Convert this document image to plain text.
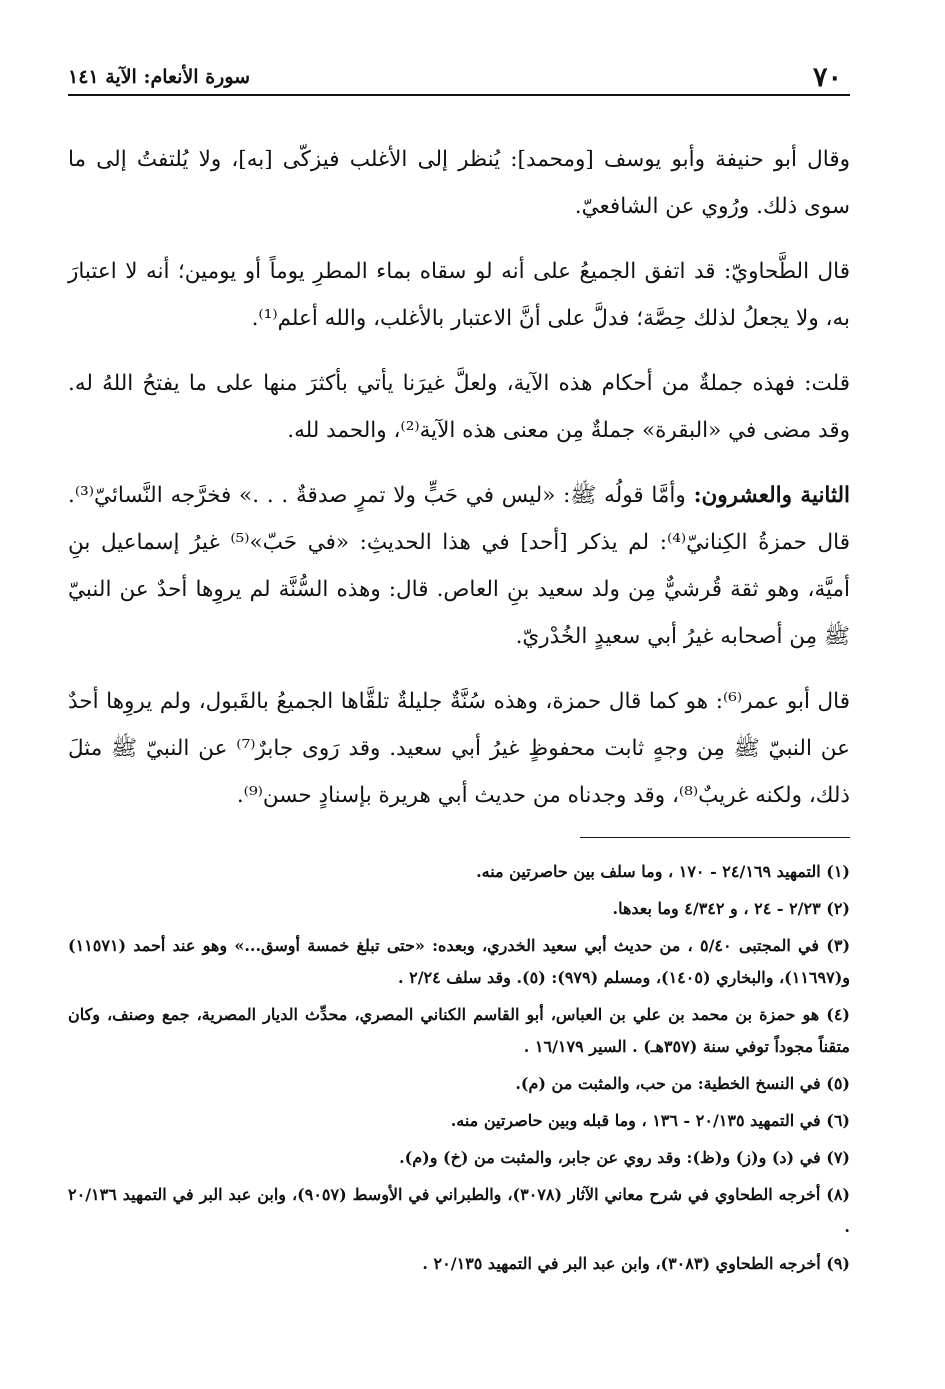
٧٠
سورة الأنعام: الآية ١٤١

وقال أبو حنيفة وأبو يوسف [ومحمد]: يُنظر إلى الأغلب فيزكّى [به]، ولا يُلتفتُ إلى ما سوى ذلك. ورُوي عن الشافعيّ.

قال الطَّحاويّ: قد اتفق الجميعُ على أنه لو سقاه بماء المطرِ يوماً أو يومين؛ أنه لا اعتبارَ به، ولا يجعلُ لذلك حِصَّة؛ فدلَّ على أنَّ الاعتبار بالأغلب، والله أعلم⁽¹⁾.

قلت: فهذه جملةٌ من أحكام هذه الآية، ولعلَّ غيرَنا يأتي بأكثرَ منها على ما يفتحُ اللهُ له. وقد مضى في «البقرة» جملةٌ مِن معنى هذه الآية⁽²⁾، والحمد لله.

الثانية والعشرون: وأمَّا قولُه ﷺ: «ليس في حَبٍّ ولا تمرٍ صدقةٌ . . .» فخرَّجه النَّسائيّ⁽³⁾. قال حمزةُ الكِنانيّ⁽⁴⁾: لم يذكر [أحد] في هذا الحديثِ: «في حَبّ»⁽⁵⁾ غيرُ إسماعيل بنِ أميَّة، وهو ثقة قُرشيٌّ مِن ولد سعيد بنِ العاص. قال: وهذه السُّنَّة لم يروِها أحدٌ عن النبيّ ﷺ مِن أصحابه غيرُ أبي سعيدٍ الخُدْريّ.

قال أبو عمر⁽⁶⁾: هو كما قال حمزة، وهذه سُنَّةٌ جليلةٌ تلقَّاها الجميعُ بالقَبول، ولم يروِها أحدٌ عن النبيّ ﷺ مِن وجهٍ ثابت محفوظٍ غيرُ أبي سعيد. وقد رَوى جابرٌ⁽⁷⁾ عن النبيّ ﷺ مثلَ ذلك، ولكنه غريبٌ⁽⁸⁾، وقد وجدناه من حديث أبي هريرة بإسنادٍ حسن⁽⁹⁾.

(١) التمهيد ٢٤/١٦٩ - ١٧٠ ، وما سلف بين حاصرتين منه.

(٢) ٢/٢٣ - ٢٤ ، و ٤/٣٤٢ وما بعدها.

(٣) في المجتبى ٥/٤٠ ، من حديث أبي سعيد الخدري، وبعده: «حتى تبلغ خمسة أوسق...» وهو عند أحمد (١١٥٧١) و(١١٦٩٧)، والبخاري (١٤٠٥)، ومسلم (٩٧٩): (٥). وقد سلف ٢/٢٤ .

(٤) هو حمزة بن محمد بن علي بن العباس، أبو القاسم الكناني المصري، محدِّث الديار المصرية، جمع وصنف، وكان متقناً مجوداً توفي سنة (٣٥٧هـ) . السير ١٦/١٧٩ .

(٥) في النسخ الخطية: من حب، والمثبت من (م).

(٦) في التمهيد ٢٠/١٣٥ - ١٣٦ ، وما قبله وبين حاصرتين منه.

(٧) في (د) و(ز) و(ظ): وقد روي عن جابر، والمثبت من (خ) و(م).

(٨) أخرجه الطحاوي في شرح معاني الآثار (٣٠٧٨)، والطبراني في الأوسط (٩٠٥٧)، وابن عبد البر في التمهيد ٢٠/١٣٦ .

(٩) أخرجه الطحاوي (٣٠٨٣)، وابن عبد البر في التمهيد ٢٠/١٣٥ .
